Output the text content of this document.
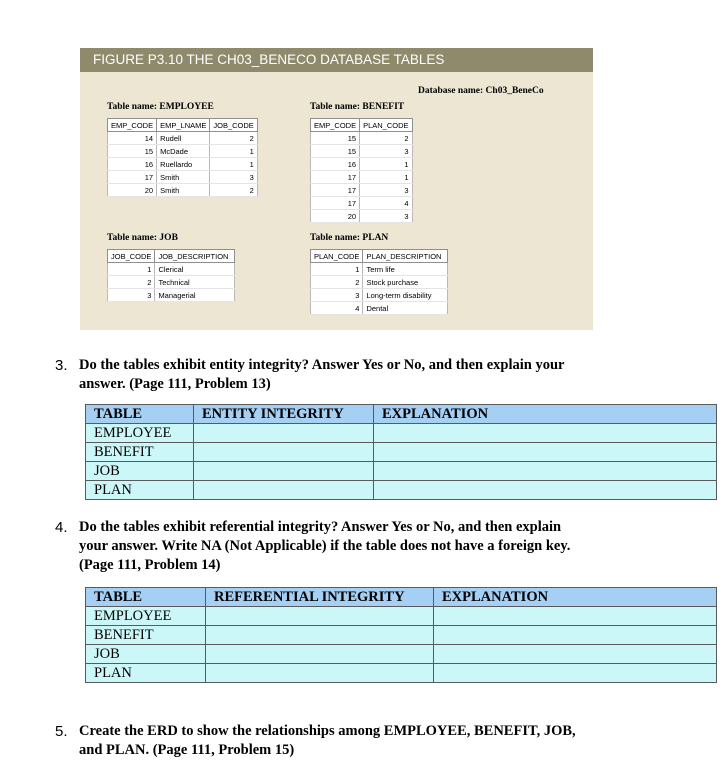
FIGURE P3.10 THE CH03_BENECO DATABASE TABLES
Database name: Ch03_BeneCo
Table name: EMPLOYEE
EMP_CODE	EMP_LNAME	JOB_CODE
14	Rudell	2
15	McDade	1
16	Ruellardo	1
17	Smith	3
20	Smith	2
Table name: BENEFIT
EMP_CODE	PLAN_CODE
15	2
15	3
16	1
17	1
17	3
17	4
20	3
Table name: JOB
JOB_CODE	JOB_DESCRIPTION
1	Clerical
2	Technical
3	Managerial
Table name: PLAN
PLAN_CODE	PLAN_DESCRIPTION
1	Term life
2	Stock purchase
3	Long-term disability
4	Dental
3. Do the tables exhibit entity integrity? Answer Yes or No, and then explain your
answer. (Page 111, Problem 13)
TABLE	ENTITY INTEGRITY	EXPLANATION
EMPLOYEE		
BENEFIT		
JOB		
PLAN		
4. Do the tables exhibit referential integrity? Answer Yes or No, and then explain
your answer. Write NA (Not Applicable) if the table does not have a foreign key.
(Page 111, Problem 14)
TABLE	REFERENTIAL INTEGRITY	EXPLANATION
EMPLOYEE		
BENEFIT		
JOB		
PLAN		
5. Create the ERD to show the relationships among EMPLOYEE, BENEFIT, JOB,
and PLAN. (Page 111, Problem 15)
